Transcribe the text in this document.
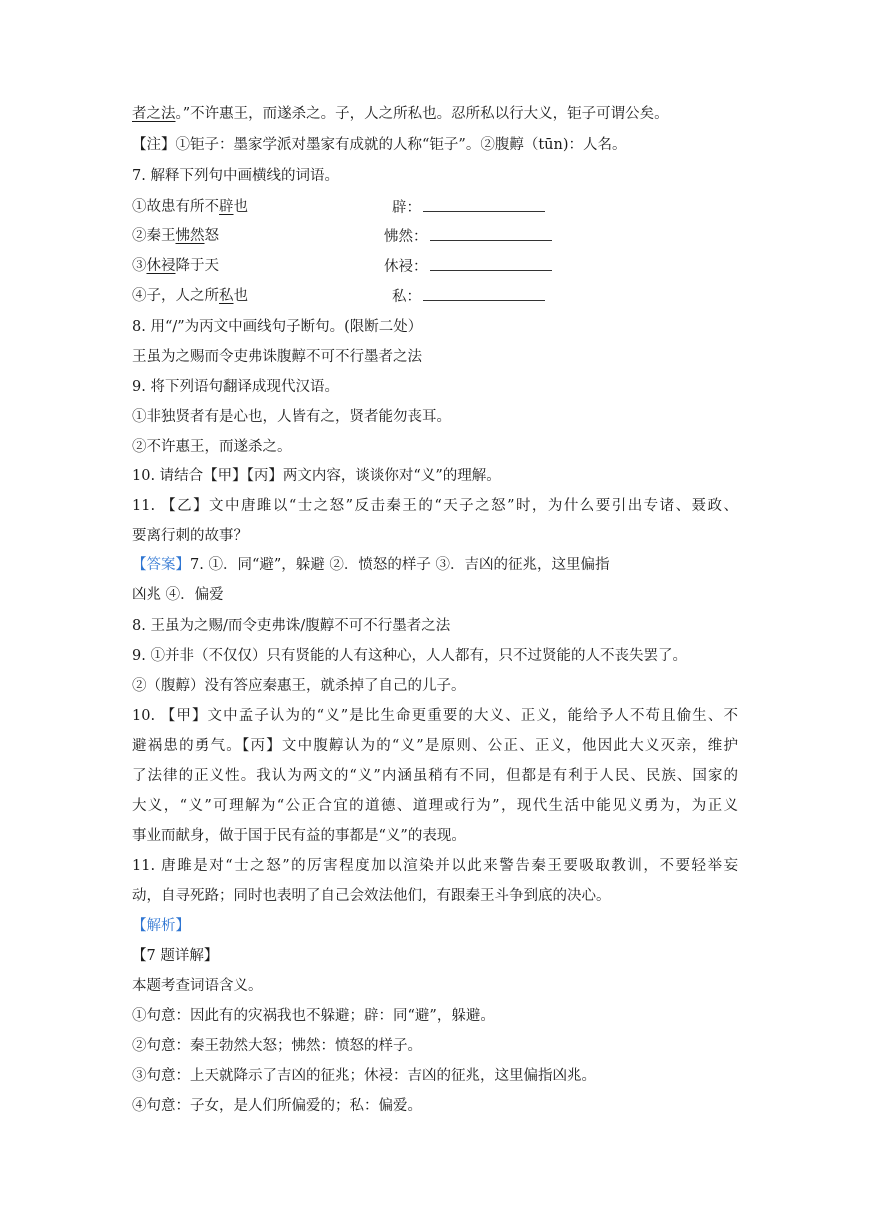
者之法。”不许惠王，而遂杀之。子，人之所私也。忍所私以行大义，钜子可谓公矣。
【注】①钜子：墨家学派对墨家有成就的人称“钜子”。②腹䵍（tūn)：人名。
7. 解释下列句中画横线的词语。
①故患有所不辟也	辟：
②秦王怫然怒	怫然：
③休祲降于天	休祲：
④子，人之所私也	私：
8. 用“/”为丙文中画线句子断句。(限断二处）
王虽为之赐而令吏弗诛腹䵍不可不行墨者之法
9. 将下列语句翻译成现代汉语。
①非独贤者有是心也，人皆有之，贤者能勿丧耳。
②不许惠王，而遂杀之。
10. 请结合【甲】【丙】两文内容，谈谈你对“义”的理解。
11. 【乙】文中唐雎以“士之怒”反击秦王的“天子之怒”时，为什么要引出专诸、聂政、
要离行刺的故事？
【答案】7. ①．同“避”，躲避 ②．愤怒的样子 ③．吉凶的征兆，这里偏指
凶兆 ④．偏爱
8. 王虽为之赐/而令吏弗诛/腹䵍不可不行墨者之法
9. ①并非（不仅仅）只有贤能的人有这种心，人人都有，只不过贤能的人不丧失罢了。
②（腹䵍）没有答应秦惠王，就杀掉了自己的儿子。
10. 【甲】文中孟子认为的“义”是比生命更重要的大义、正义，能给予人不苟且偷生、不
避祸患的勇气。【丙】文中腹䵍认为的“义”是原则、公正、正义，他因此大义灭亲，维护
了法律的正义性。我认为两文的“义”内涵虽稍有不同，但都是有利于人民、民族、国家的
大义，“义”可理解为“公正合宜的道德、道理或行为”，现代生活中能见义勇为，为正义
事业而献身，做于国于民有益的事都是“义”的表现。
11. 唐雎是对“士之怒”的厉害程度加以渲染并以此来警告秦王要吸取教训，不要轻举妄
动，自寻死路；同时也表明了自己会效法他们，有跟秦王斗争到底的决心。
【解析】
【7 题详解】
本题考查词语含义。
①句意：因此有的灾祸我也不躲避；辟：同“避”，躲避。
②句意：秦王勃然大怒；怫然：愤怒的样子。
③句意：上天就降示了吉凶的征兆；休祲：吉凶的征兆，这里偏指凶兆。
④句意：子女，是人们所偏爱的；私：偏爱。
